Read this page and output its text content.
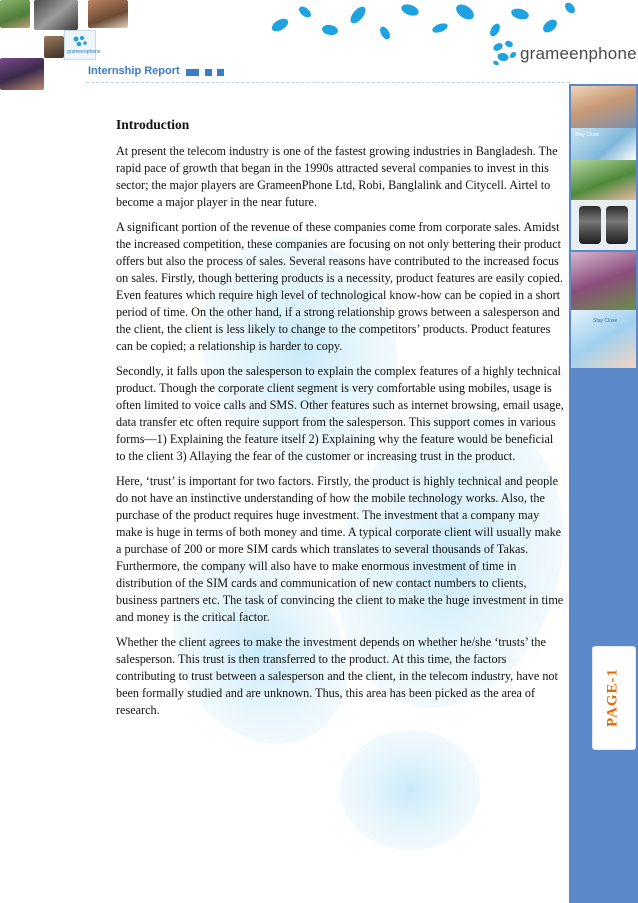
grameenphone
Internship Report
grameenphone
Stay Close
Stay Close
PAGE-1
Introduction

At present the telecom industry is one of the fastest growing industries in Bangladesh. The rapid pace of growth that began in the 1990s attracted several companies to invest in this sector; the major players are GrameenPhone Ltd, Robi, Banglalink and Citycell. Airtel to become a major player in the near future.

A significant portion of the revenue of these companies come from corporate sales. Amidst the increased competition, these companies are focusing on not only bettering their product offers but also the process of sales. Several reasons have contributed to the increased focus on sales. Firstly, though bettering products is a necessity, product features are easily copied. Even features which require high level of technological know-how can be copied in a short period of time. On the other hand, if a strong relationship grows between a salesperson and the client, the client is less likely to change to the competitors’ products. Product features can be copied; a relationship is harder to copy.

Secondly, it falls upon the salesperson to explain the complex features of a highly technical product. Though the corporate client segment is very comfortable using mobiles, usage is often limited to voice calls and SMS. Other features such as internet browsing, email usage, data transfer etc often require support from the salesperson. This support comes in various forms—1) Explaining the feature itself 2) Explaining why the feature would be beneficial to the client 3) Allaying the fear of the customer or increasing trust in the product.

Here, ‘trust’ is important for two factors. Firstly, the product is highly technical and people do not have an instinctive understanding of how the mobile technology works. Also, the purchase of the product requires huge investment. The investment that a company may make is huge in terms of both money and time. A typical corporate client will usually make a purchase of 200 or more SIM cards which translates to several thousands of Takas. Furthermore, the company will also have to make enormous investment of time in distribution of the SIM cards and communication of new contact numbers to clients, business partners etc. The task of convincing the client to make the huge investment in time and money is the critical factor.

Whether the client agrees to make the investment depends on whether he/she ‘trusts’ the salesperson. This trust is then transferred to the product. At this time, the factors contributing to trust between a salesperson and the client, in the telecom industry, have not been formally studied and are unknown. Thus, this area has been picked as the area of research.
